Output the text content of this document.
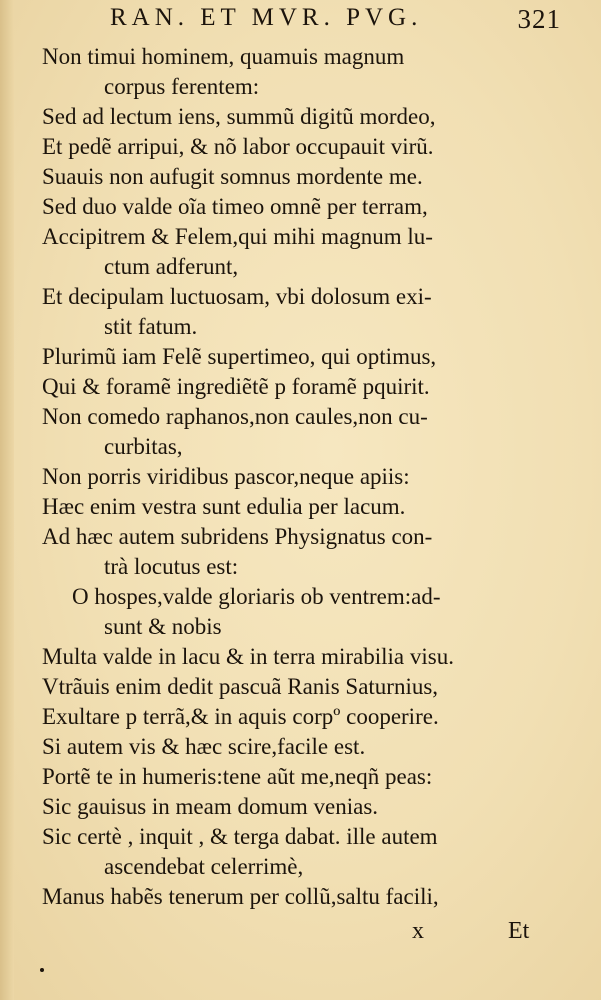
RAN. ET MVR. PVG.	321
Non timui hominem, quamuis magnum
corpus ferentem:
Sed ad lectum iens, summũ digitũ mordeo,
Et pedẽ arripui, & nõ labor occupauit virũ.
Suauis non aufugit somnus mordente me.
Sed duo valde oĩa timeo omnẽ per terram,
Accipitrem & Felem,qui mihi magnum lu-
ctum adferunt,
Et decipulam luctuosam, vbi dolosum exi-
stit fatum.
Plurimũ iam Felẽ supertimeo, qui optimus,
Qui & foramẽ ingrediẽtẽ p foramẽ pquirit.
Non comedo raphanos,non caules,non cu-
curbitas,
Non porris viridibus pascor,neque apiis:
Hæc enim vestra sunt edulia per lacum.
Ad hæc autem subridens Physignatus con-
trà locutus est:
O hospes,valde gloriaris ob ventrem:ad-
sunt & nobis
Multa valde in lacu & in terra mirabilia visu.
Vtrãuis enim dedit pascuã Ranis Saturnius,
Exultare p terrã,& in aquis corpº cooperire.
Si autem vis & hæc scire,facile est.
Portẽ te in humeris:tene aũt me,neqñ peas:
Sic gauisus in meam domum venias.
Sic certè , inquit , & terga dabat. ille autem
ascendebat celerrimè,
Manus habẽs tenerum per collũ,saltu facili,
x	Et
